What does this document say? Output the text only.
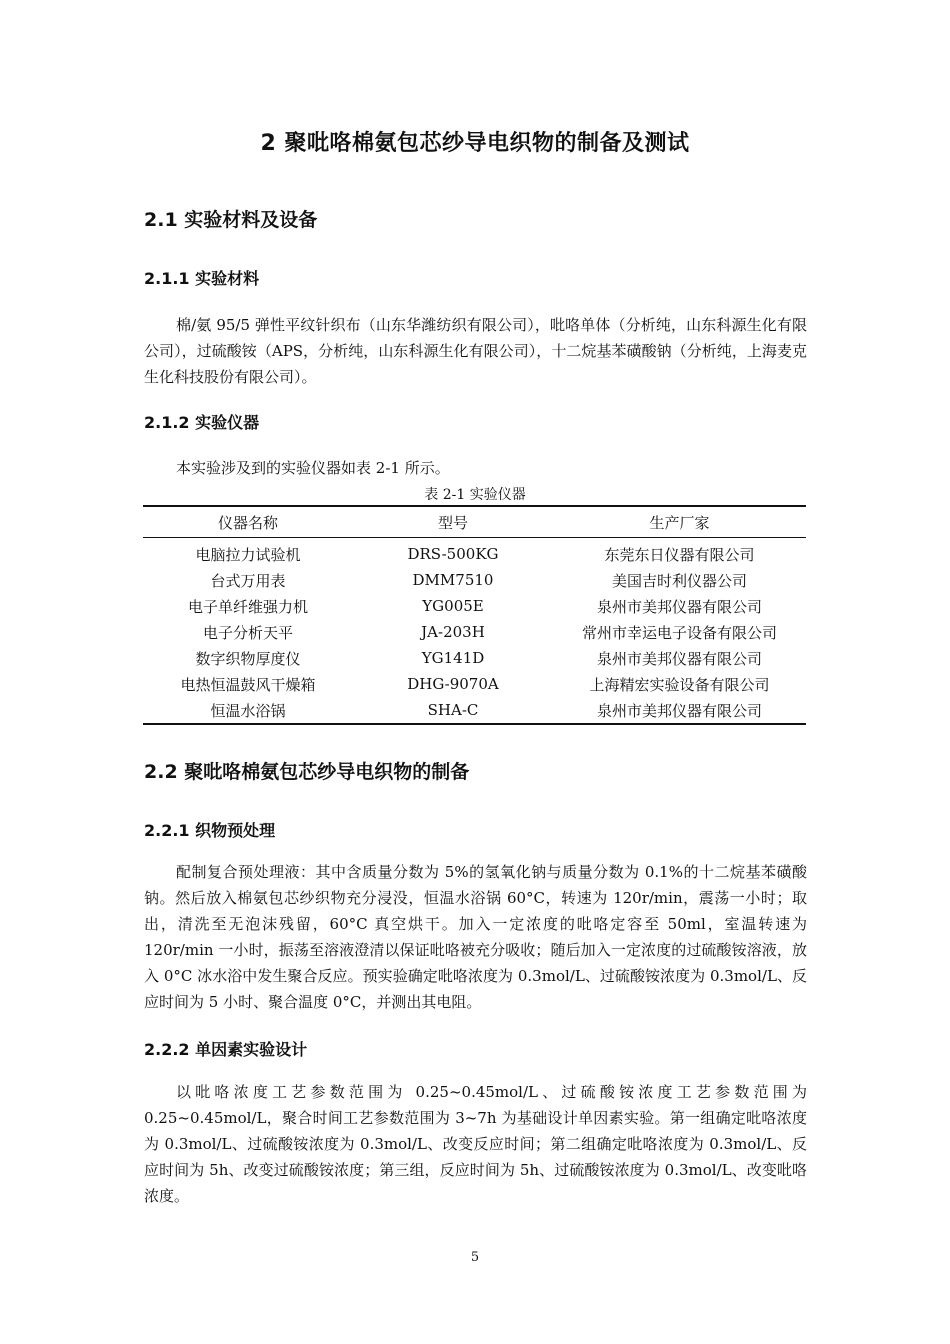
2 聚吡咯棉氨包芯纱导电织物的制备及测试
2.1 实验材料及设备
2.1.1 实验材料
棉/氨 95/5 弹性平纹针织布（山东华潍纺织有限公司），吡咯单体（分析纯，山东科源生化有限公司），过硫酸铵（APS，分析纯，山东科源生化有限公司），十二烷基苯磺酸钠（分析纯，上海麦克生化科技股份有限公司）。
2.1.2 实验仪器
本实验涉及到的实验仪器如表 2-1 所示。
表 2-1 实验仪器
仪器名称	型号	生产厂家
电脑拉力试验机	DRS-500KG	东莞东日仪器有限公司
台式万用表	DMM7510	美国吉时利仪器公司
电子单纤维强力机	YG005E	泉州市美邦仪器有限公司
电子分析天平	JA-203H	常州市幸运电子设备有限公司
数字织物厚度仪	YG141D	泉州市美邦仪器有限公司
电热恒温鼓风干燥箱	DHG-9070A	上海精宏实验设备有限公司
恒温水浴锅	SHA-C	泉州市美邦仪器有限公司
2.2 聚吡咯棉氨包芯纱导电织物的制备
2.2.1 织物预处理
配制复合预处理液：其中含质量分数为 5%的氢氧化钠与质量分数为 0.1%的十二烷基苯磺酸钠。然后放入棉氨包芯纱织物充分浸没，恒温水浴锅 60°C，转速为 120r/min，震荡一小时；取出，清洗至无泡沫残留，60°C 真空烘干。加入一定浓度的吡咯定容至 50ml，室温转速为 120r/min 一小时，振荡至溶液澄清以保证吡咯被充分吸收；随后加入一定浓度的过硫酸铵溶液，放入 0°C 冰水浴中发生聚合反应。预实验确定吡咯浓度为 0.3mol/L、过硫酸铵浓度为 0.3mol/L、反应时间为 5 小时、聚合温度 0°C，并测出其电阻。
2.2.2 单因素实验设计
以吡咯浓度工艺参数范围为 0.25~0.45mol/L、过硫酸铵浓度工艺参数范围为 0.25~0.45mol/L，聚合时间工艺参数范围为 3~7h 为基础设计单因素实验。第一组确定吡咯浓度为 0.3mol/L、过硫酸铵浓度为 0.3mol/L、改变反应时间；第二组确定吡咯浓度为 0.3mol/L、反应时间为 5h、改变过硫酸铵浓度；第三组，反应时间为 5h、过硫酸铵浓度为 0.3mol/L、改变吡咯浓度。
5
